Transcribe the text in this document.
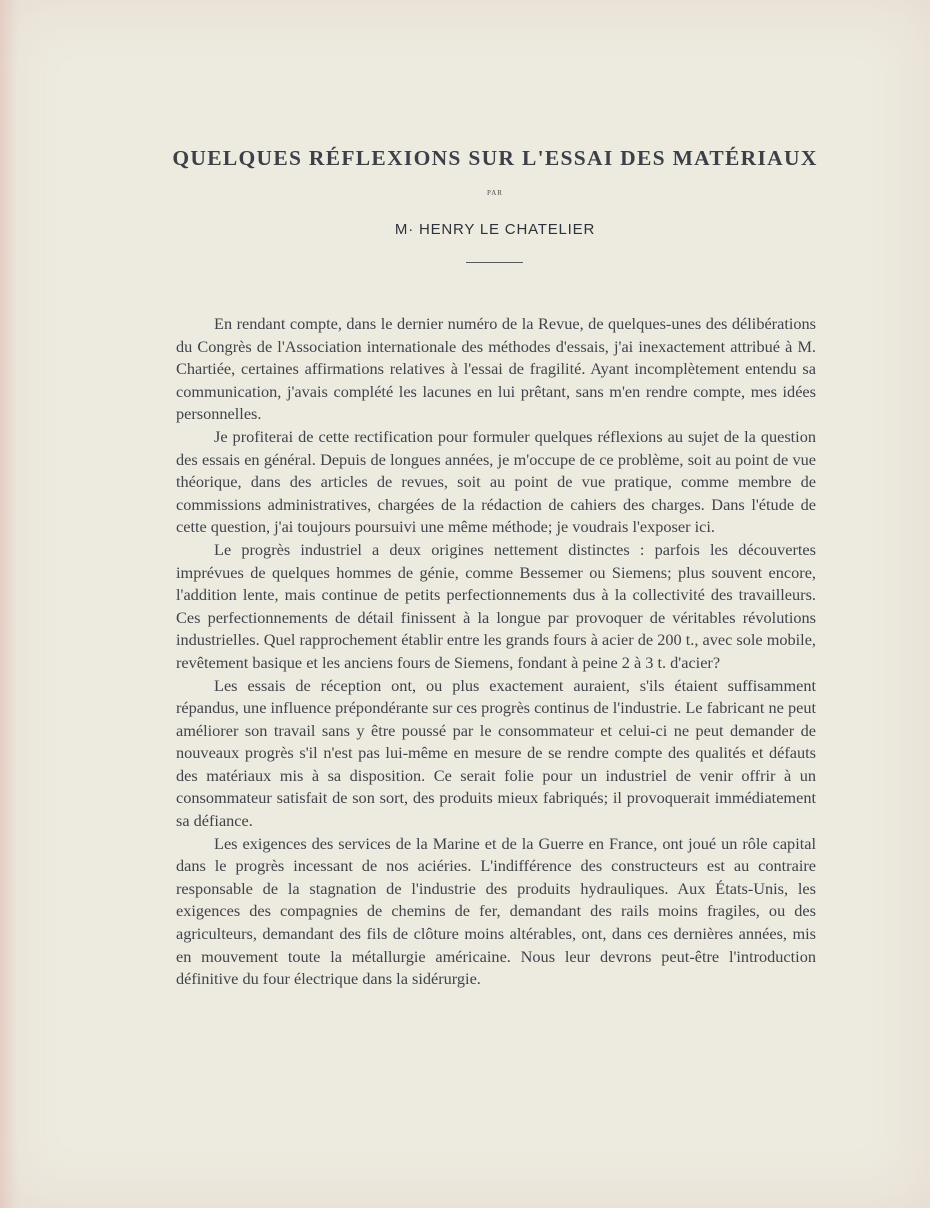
QUELQUES RÉFLEXIONS SUR L'ESSAI DES MATÉRIAUX
PAR
M· HENRY LE CHATELIER

En rendant compte, dans le dernier numéro de la Revue, de quelques-unes des délibérations du Congrès de l'Association internationale des méthodes d'essais, j'ai inexactement attribué à M. Chartiée, certaines affirmations relatives à l'essai de fragilité. Ayant incomplètement entendu sa communication, j'avais complété les lacunes en lui prêtant, sans m'en rendre compte, mes idées personnelles.

Je profiterai de cette rectification pour formuler quelques réflexions au sujet de la question des essais en général. Depuis de longues années, je m'occupe de ce problème, soit au point de vue théorique, dans des articles de revues, soit au point de vue pratique, comme membre de commissions administratives, chargées de la rédaction de cahiers des charges. Dans l'étude de cette question, j'ai toujours poursuivi une même méthode; je voudrais l'exposer ici.

Le progrès industriel a deux origines nettement distinctes : parfois les découvertes imprévues de quelques hommes de génie, comme Bessemer ou Siemens; plus souvent encore, l'addition lente, mais continue de petits perfectionnements dus à la collectivité des travailleurs. Ces perfectionnements de détail finissent à la longue par provoquer de véritables révolutions industrielles. Quel rapprochement établir entre les grands fours à acier de 200 t., avec sole mobile, revêtement basique et les anciens fours de Siemens, fondant à peine 2 à 3 t. d'acier?

Les essais de réception ont, ou plus exactement auraient, s'ils étaient suffisamment répandus, une influence prépondérante sur ces progrès continus de l'industrie. Le fabricant ne peut améliorer son travail sans y être poussé par le consommateur et celui-ci ne peut demander de nouveaux progrès s'il n'est pas lui-même en mesure de se rendre compte des qualités et défauts des matériaux mis à sa disposition. Ce serait folie pour un industriel de venir offrir à un consommateur satisfait de son sort, des produits mieux fabriqués; il provoquerait immédiatement sa défiance.

Les exigences des services de la Marine et de la Guerre en France, ont joué un rôle capital dans le progrès incessant de nos aciéries. L'indifférence des constructeurs est au contraire responsable de la stagnation de l'industrie des produits hydrauliques. Aux États-Unis, les exigences des compagnies de chemins de fer, demandant des rails moins fragiles, ou des agriculteurs, demandant des fils de clôture moins altérables, ont, dans ces dernières années, mis en mouvement toute la métallurgie américaine. Nous leur devrons peut-être l'introduction définitive du four électrique dans la sidérurgie.
